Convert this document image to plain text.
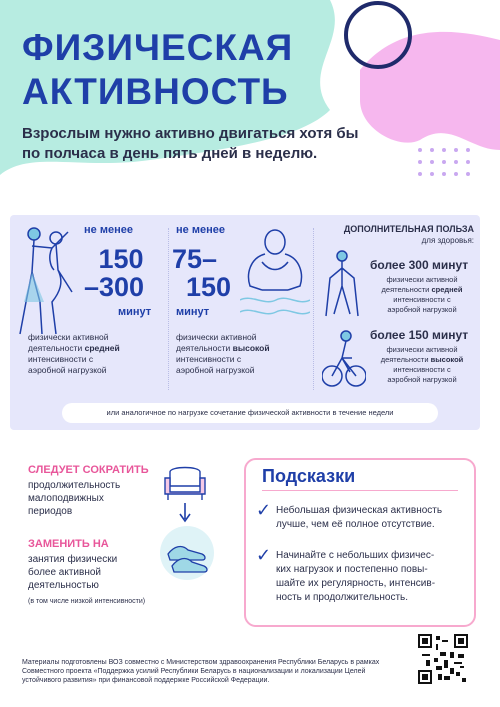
ФИЗИЧЕСКАЯ
АКТИВНОСТЬ
Взрослым нужно активно двигаться хотя бы
по полчаса в день пять дней в неделю.
не менее
150
–300
минут
физически активной
деятельности средней
интенсивности с
аэробной нагрузкой
не менее
75–
150
минут
физически активной
деятельности высокой
интенсивности с
аэробной нагрузкой
ДОПОЛНИТЕЛЬНАЯ ПОЛЬЗА
для здоровья:
более 300 минут
физически активной
деятельности средней
интенсивности с
аэробной нагрузкой
более 150 минут
физически активной
деятельности высокой
интенсивности с
аэробной нагрузкой
или аналогичное по нагрузке сочетание физической активности в течение недели
СЛЕДУЕТ СОКРАТИТЬ
продолжительность
малоподвижных
периодов
ЗАМЕНИТЬ НА
занятия физически
более активной
деятельностью
(в том числе низкой интенсивности)
Подсказки
✓ Небольшая физическая активность
лучше, чем её полное отсутствие.
✓ Начинайте с небольших физичес-
ких нагрузок и постепенно повы-
шайте их регулярность, интенсив-
ность и продолжительность.
Материалы подготовлены ВОЗ совместно с Министерством здравоохранения Республики Беларусь в рамках
Совместного проекта «Поддержка усилий Республики Беларусь в национализации и локализации Целей
устойчивого развития» при финансовой поддержке Российской Федерации.
